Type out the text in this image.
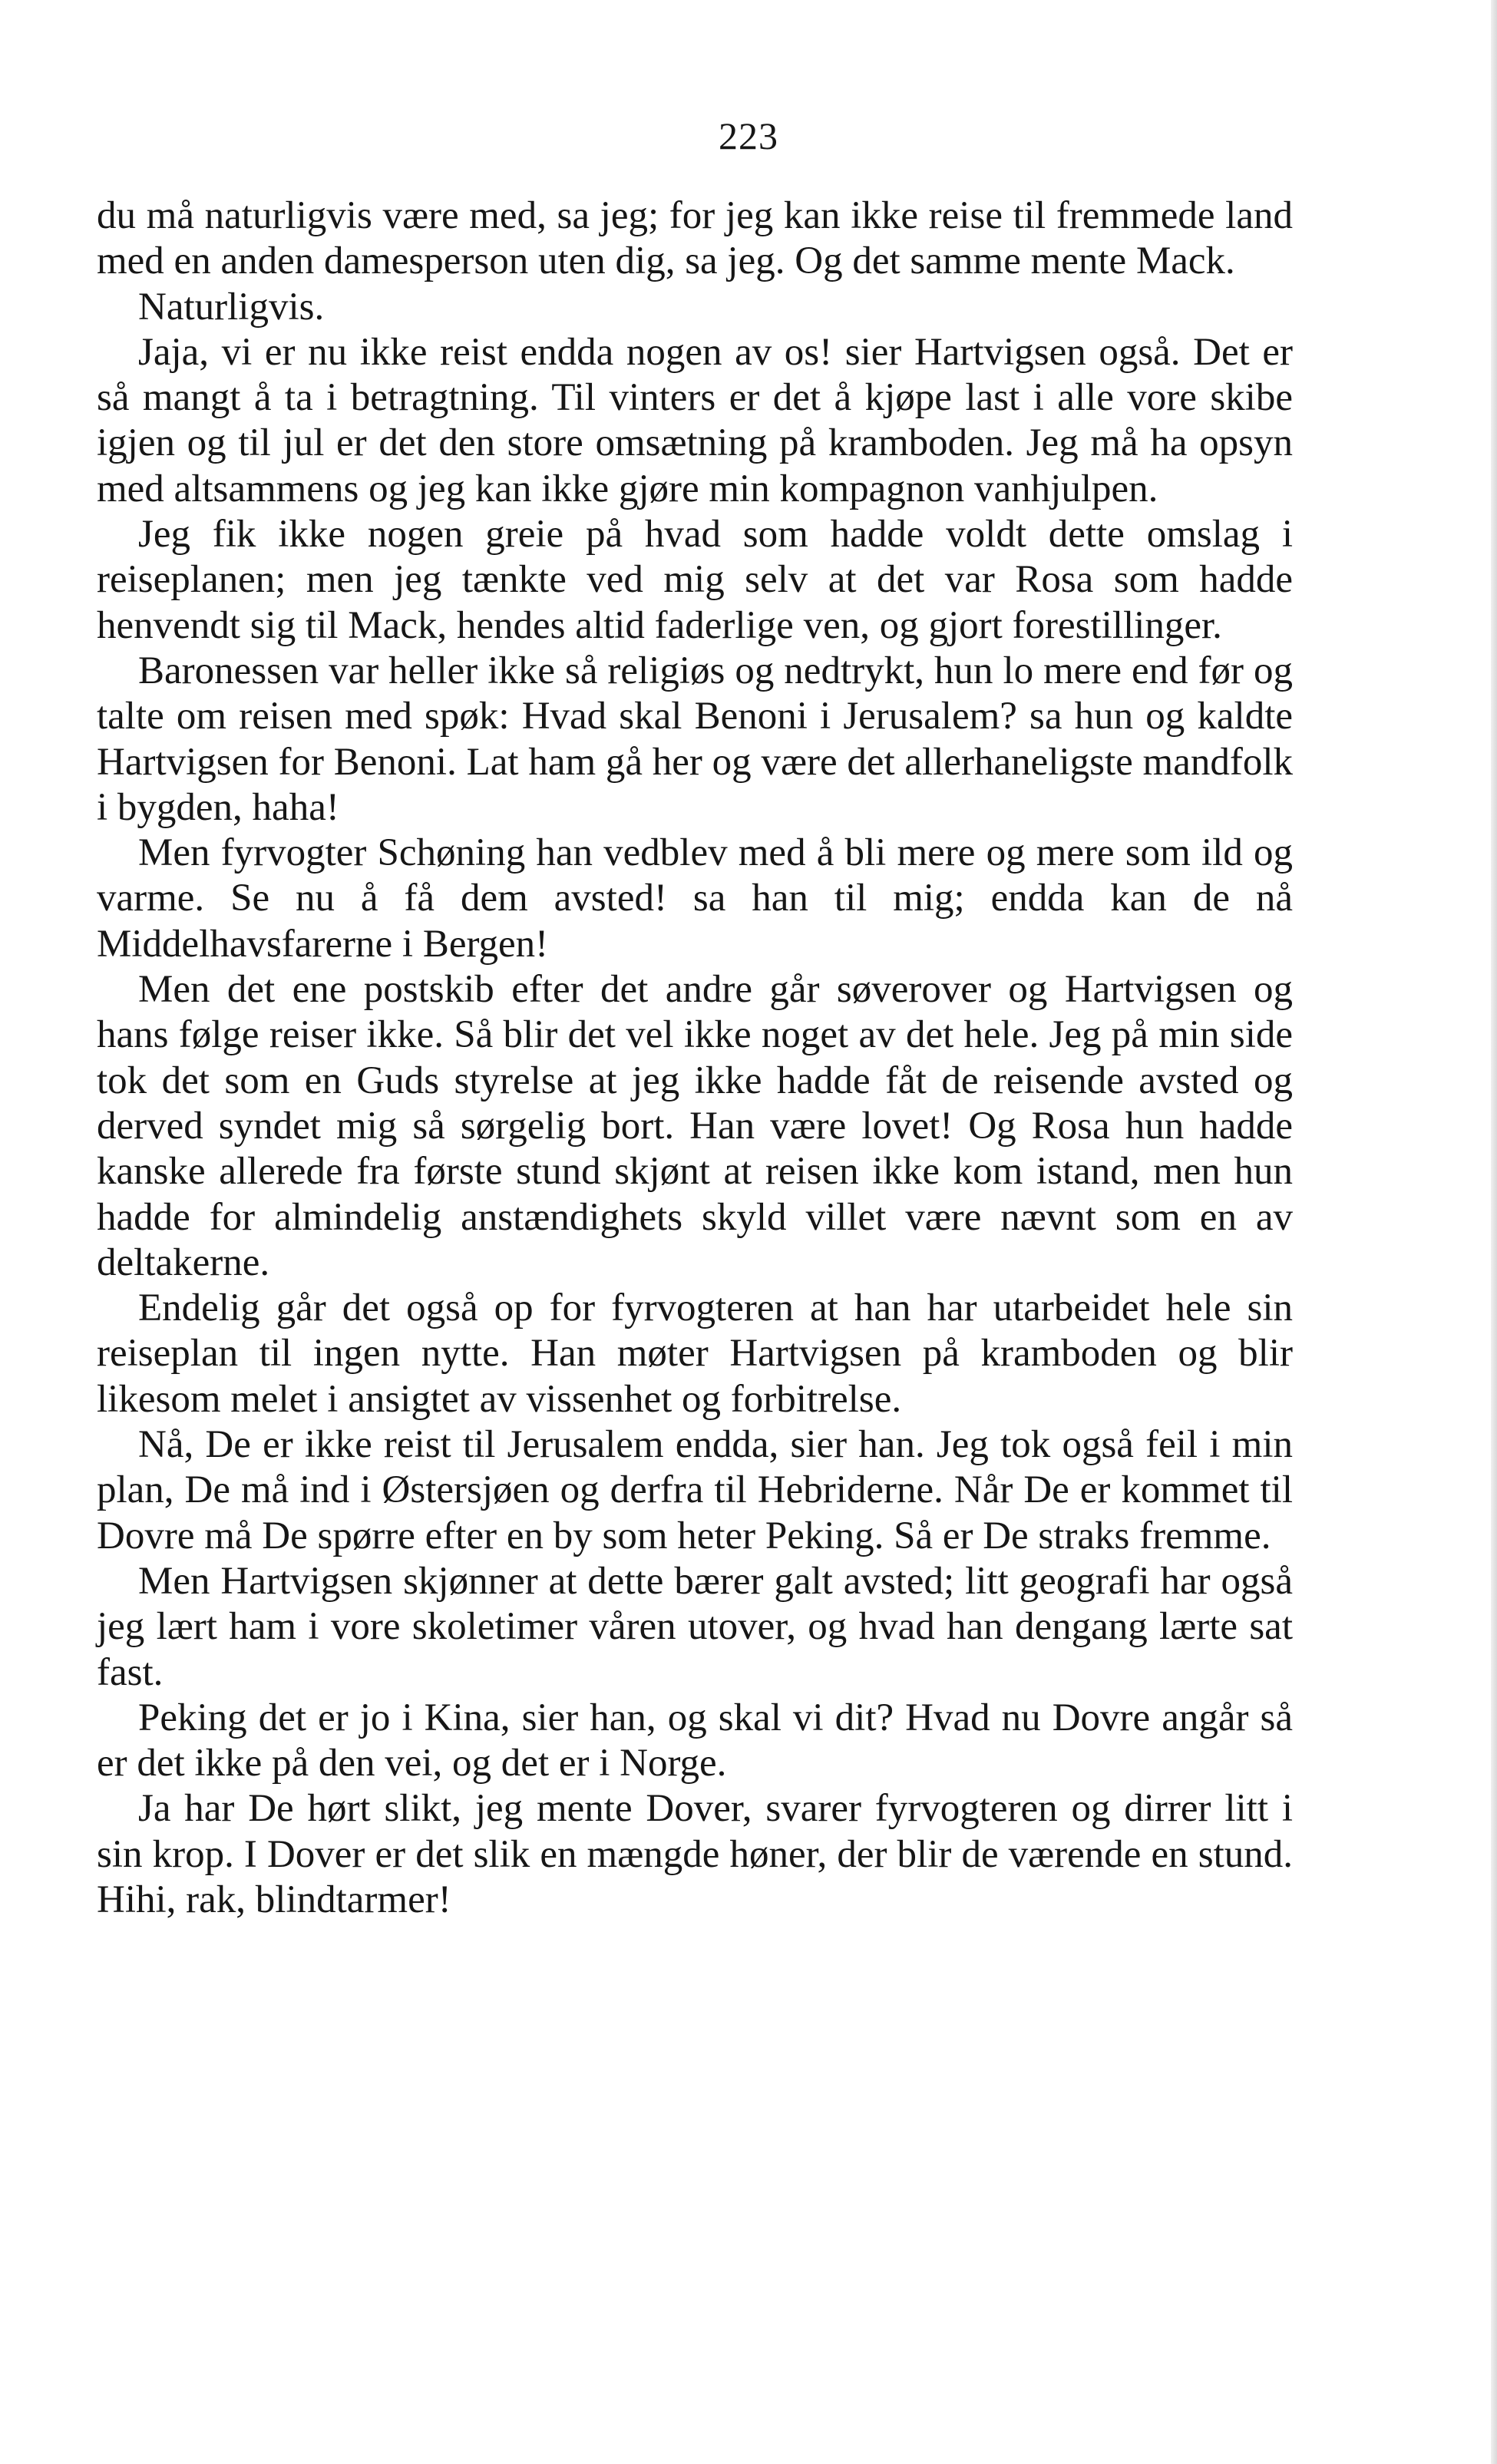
223

du må naturligvis være med, sa jeg; for jeg kan ikke reise til fremmede land med en anden damesperson uten dig, sa jeg. Og det samme mente Mack.

Naturligvis.

Jaja, vi er nu ikke reist endda nogen av os! sier Hartvigsen også. Det er så mangt å ta i betragtning. Til vinters er det å kjøpe last i alle vore skibe igjen og til jul er det den store omsætning på kramboden. Jeg må ha opsyn med altsammens og jeg kan ikke gjøre min kompagnon vanhjulpen.

Jeg fik ikke nogen greie på hvad som hadde voldt dette omslag i reiseplanen; men jeg tænkte ved mig selv at det var Rosa som hadde henvendt sig til Mack, hendes altid faderlige ven, og gjort forestillinger.

Baronessen var heller ikke så religiøs og nedtrykt, hun lo mere end før og talte om reisen med spøk: Hvad skal Benoni i Jerusalem? sa hun og kaldte Hartvigsen for Benoni. Lat ham gå her og være det allerhaneligste mandfolk i bygden, haha!

Men fyrvogter Schøning han vedblev med å bli mere og mere som ild og varme. Se nu å få dem avsted! sa han til mig; endda kan de nå Middelhavsfarerne i Bergen!

Men det ene postskib efter det andre går søverover og Hartvigsen og hans følge reiser ikke. Så blir det vel ikke noget av det hele. Jeg på min side tok det som en Guds styrelse at jeg ikke hadde fåt de reisende avsted og derved syndet mig så sørgelig bort. Han være lovet! Og Rosa hun hadde kanske allerede fra første stund skjønt at reisen ikke kom istand, men hun hadde for almindelig anstændighets skyld villet være nævnt som en av deltakerne.

Endelig går det også op for fyrvogteren at han har utarbeidet hele sin reiseplan til ingen nytte. Han møter Hartvigsen på kramboden og blir likesom melet i ansigtet av vissenhet og forbitrelse.

Nå, De er ikke reist til Jerusalem endda, sier han. Jeg tok også feil i min plan, De må ind i Østersjøen og derfra til Hebriderne. Når De er kommet til Dovre må De spørre efter en by som heter Peking. Så er De straks fremme.

Men Hartvigsen skjønner at dette bærer galt avsted; litt geografi har også jeg lært ham i vore skoletimer våren utover, og hvad han dengang lærte sat fast.

Peking det er jo i Kina, sier han, og skal vi dit? Hvad nu Dovre angår så er det ikke på den vei, og det er i Norge.

Ja har De hørt slikt, jeg mente Dover, svarer fyrvogteren og dirrer litt i sin krop. I Dover er det slik en mængde høner, der blir de værende en stund. Hihi, rak, blindtarmer!
